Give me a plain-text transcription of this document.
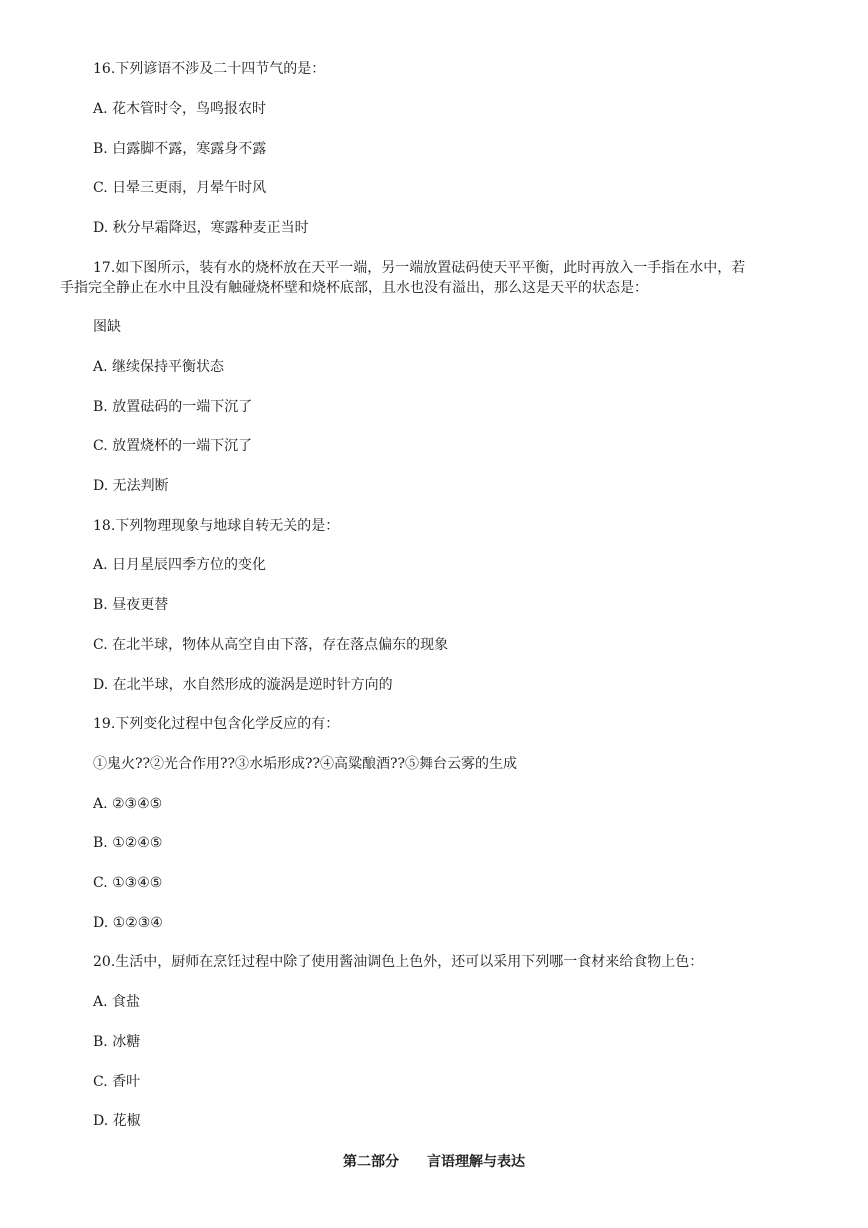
16.下列谚语不涉及二十四节气的是：
A. 花木管时令，鸟鸣报农时
B. 白露脚不露，寒露身不露
C. 日晕三更雨，月晕午时风
D. 秋分早霜降迟，寒露种麦正当时
17.如下图所示，装有水的烧杯放在天平一端，另一端放置砝码使天平平衡，此时再放入一手指在水中，若
手指完全静止在水中且没有触碰烧杯壁和烧杯底部，且水也没有溢出，那么这是天平的状态是：
图缺
A. 继续保持平衡状态
B. 放置砝码的一端下沉了
C. 放置烧杯的一端下沉了
D. 无法判断
18.下列物理现象与地球自转无关的是：
A. 日月星辰四季方位的变化
B. 昼夜更替
C. 在北半球，物体从高空自由下落，存在落点偏东的现象
D. 在北半球，水自然形成的漩涡是逆时针方向的
19.下列变化过程中包含化学反应的有：
①鬼火??②光合作用??③水垢形成??④高粱酿酒??⑤舞台云雾的生成
A. ②③④⑤
B. ①②④⑤
C. ①③④⑤
D. ①②③④
20.生活中，厨师在烹饪过程中除了使用酱油调色上色外，还可以采用下列哪一食材来给食物上色：
A. 食盐
B. 冰糖
C. 香叶
D. 花椒
第二部分 言语理解与表达
